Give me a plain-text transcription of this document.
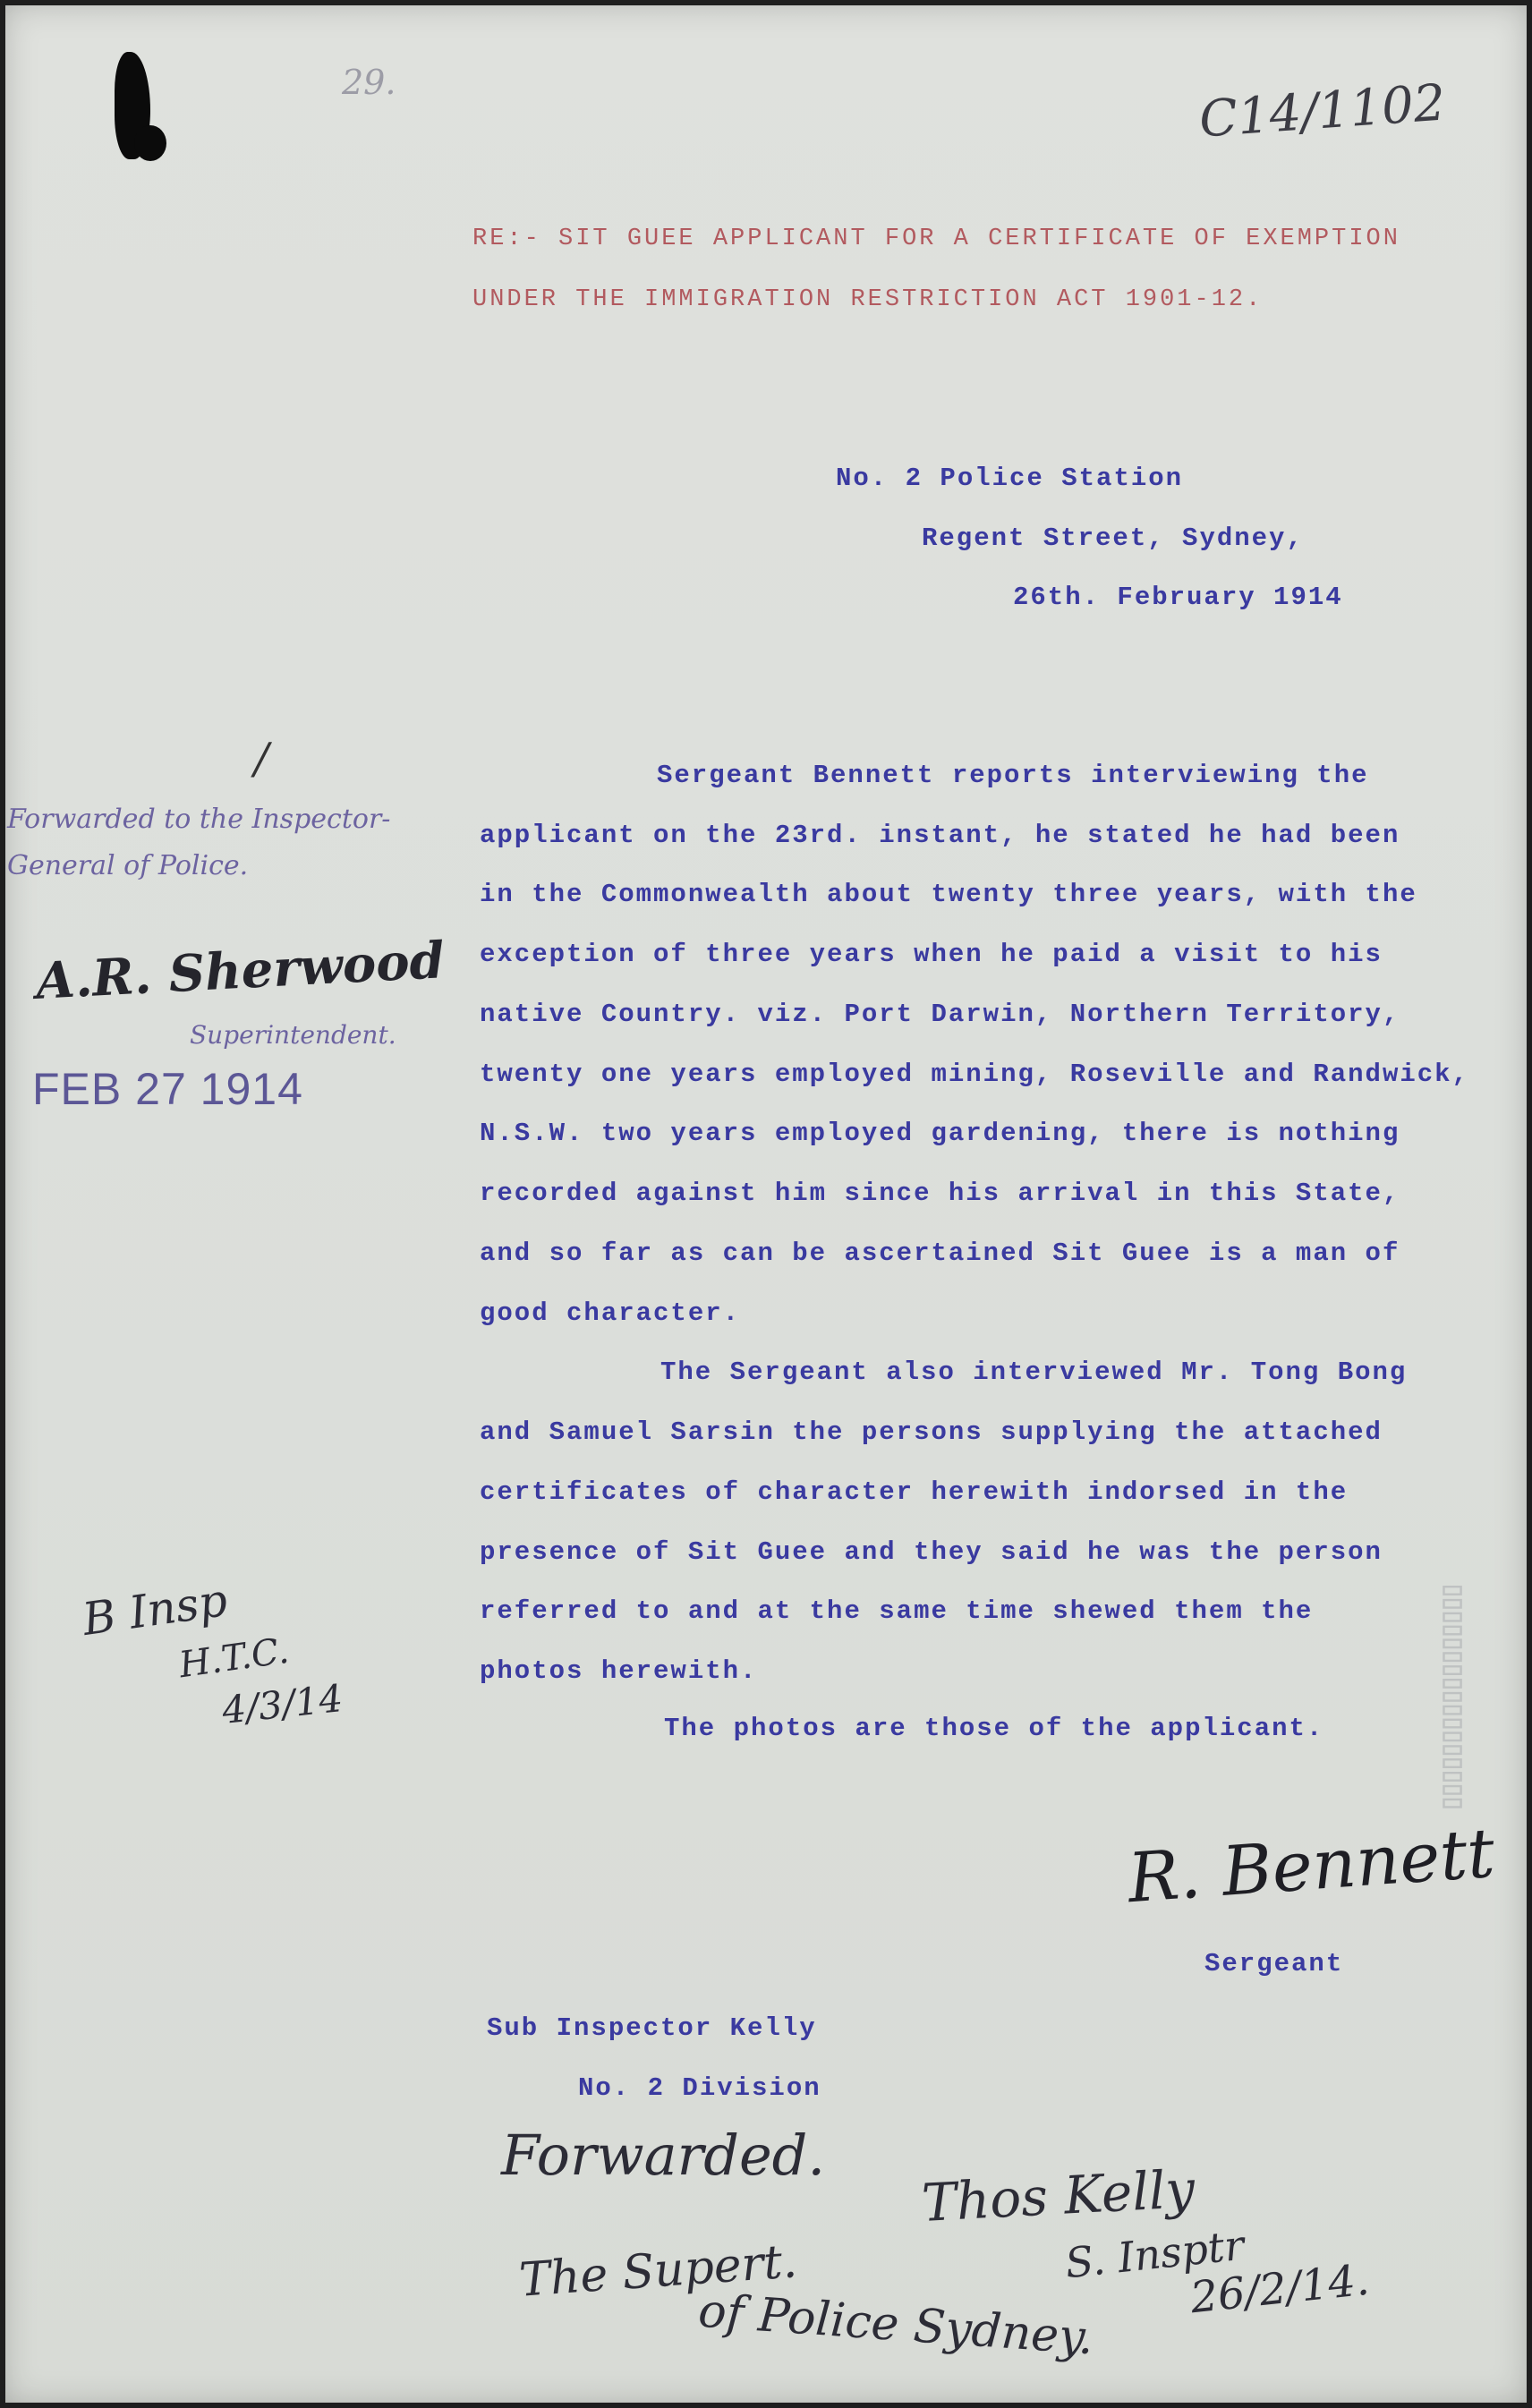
29.	C14/1102
RE:- SIT GUEE APPLICANT FOR A CERTIFICATE OF EXEMPTION
UNDER THE IMMIGRATION RESTRICTION ACT 1901-12.
No. 2 Police Station
Regent Street, Sydney,
26th. February 1914
Sergeant Bennett reports interviewing the
applicant on the 23rd. instant, he stated he had been
in the Commonwealth about twenty three years, with the
exception of three years when he paid a visit to his
native Country. viz. Port Darwin, Northern Territory,
twenty one years employed mining, Roseville and Randwick,
N.S.W. two years employed gardening, there is nothing
recorded against him since his arrival in this State,
and so far as can be ascertained Sit Guee is a man of
good character.
The Sergeant also interviewed Mr. Tong Bong
and Samuel Sarsin the persons supplying the attached
certificates of character herewith indorsed in the
presence of Sit Guee and they said he was the person
referred to and at the same time shewed them the
photos herewith.
The photos are those of the applicant.
/
Forwarded to the Inspector-
General of Police.
A.R. Sherwood
Superintendent.
FEB 27 1914
B Insp
H.T.C.
4/3/14	▯▯▯▯▯▯▯▯▯▯▯▯▯▯▯▯▯
R. Bennett
Sergeant
Sub Inspector Kelly
No. 2 Division
Forwarded.
Thos Kelly
S. Insptr
26/2/14.
The Supert.
of Police Sydney.
